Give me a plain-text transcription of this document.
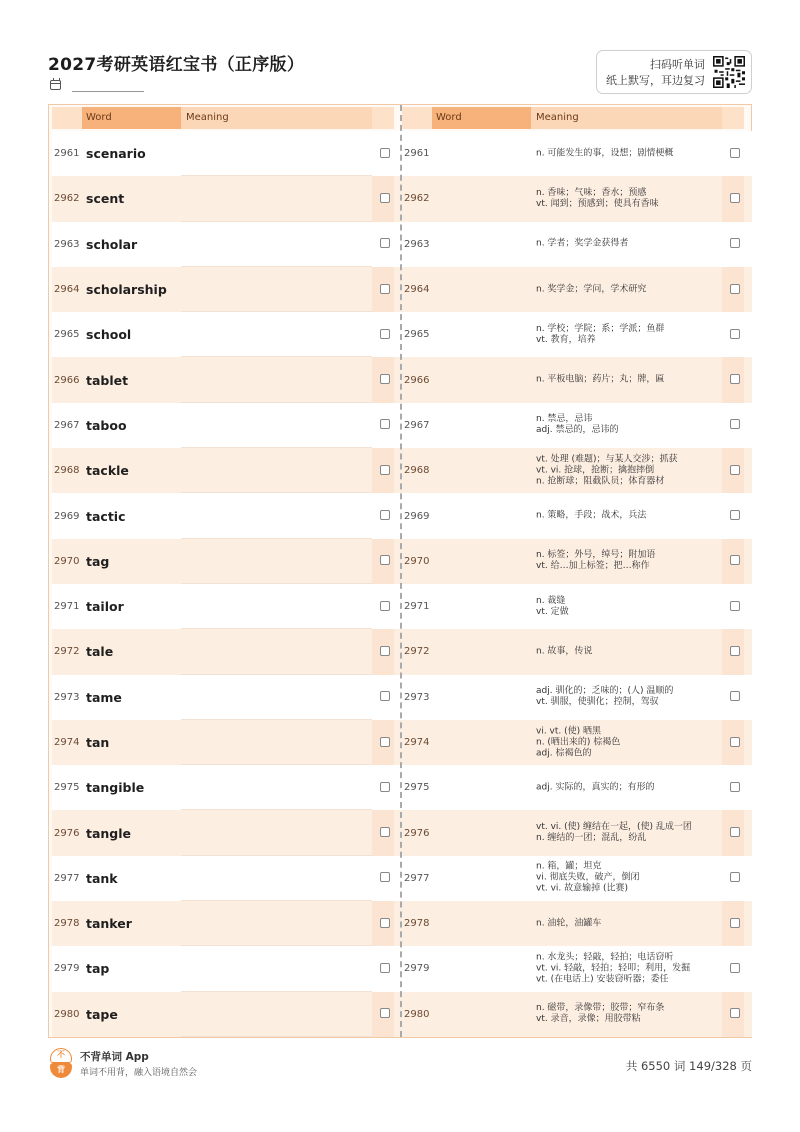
2027考研英语红宝书（正序版）	扫码听单词
纸上默写，耳边复习
Word	Meaning
2961 scenario
2962 scent
2963 scholar
2964 scholarship
2965 school
2966 tablet
2967 taboo
2968 tackle
2969 tactic
2970 tag
2971 tailor
2972 tale
2973 tame
2974 tan
2975 tangible
2976 tangle
2977 tank
2978 tanker
2979 tap
2980 tape
Word	Meaning
2961	n. 可能发生的事，设想；剧情梗概
2962
n. 香味；气味；香水；预感
vt. 闻到；预感到；使具有香味
2963	n. 学者；奖学金获得者
2964	n. 奖学金；学问，学术研究
2965
n. 学校；学院；系；学派；鱼群
vt. 教育，培养
2966	n. 平板电脑；药片；丸；牌，匾
2967
n. 禁忌，忌讳
adj. 禁忌的，忌讳的
2968
vt. 处理 (难题)；与某人交涉；抓获
vt. vi. 抢球，抢断；擒抱摔倒
n. 抢断球；阻截队员；体育器材
2969	n. 策略，手段；战术，兵法
2970
n. 标签；外号，绰号；附加语
vt. 给…加上标签；把…称作
2971
n. 裁缝
vt. 定做
2972	n. 故事，传说
2973
adj. 驯化的；乏味的；(人) 温顺的
vt. 驯服，使驯化；控制，驾驭
2974
vi. vt. (使) 晒黑
n. (晒出来的) 棕褐色
adj. 棕褐色的
2975	adj. 实际的，真实的；有形的
2976
vt. vi. (使) 缠结在一起，(使) 乱成一团
n. 缠结的一团；混乱，纷乱
2977
n. 箱，罐；坦克
vi. 彻底失败，破产，倒闭
vt. vi. 故意输掉 (比赛)
2978	n. 油轮，油罐车
2979
n. 水龙头；轻敲，轻拍；电话窃听
vt. vi. 轻敲，轻拍；轻叩；利用，发掘
vt. (在电话上) 安装窃听器；委任
2980
n. 磁带，录像带；胶带；窄布条
vt. 录音，录像；用胶带粘
不
背
不背单词 App
单词不用背，融入语境自然会	共 6550 词 149/328 页
